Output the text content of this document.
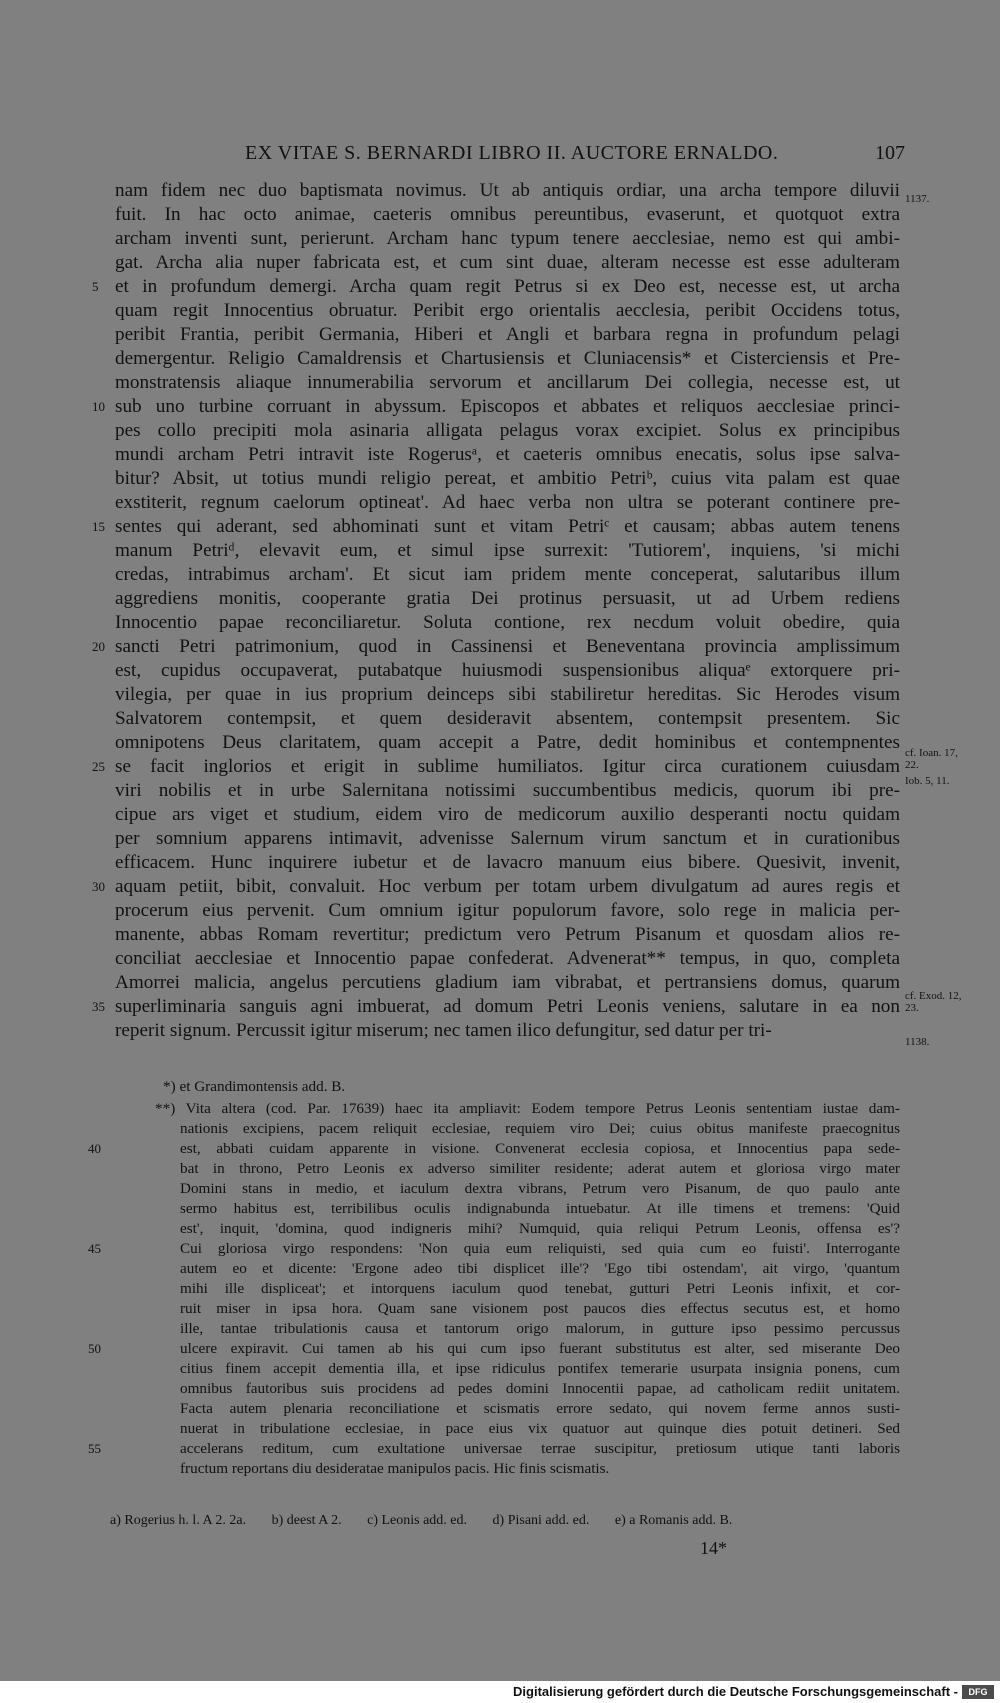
EX VITAE S. BERNARDI LIBRO II. AUCTORE ERNALDO.	107
nam fidem nec duo baptismata novimus. Ut ab antiquis ordiar, una archa tempore diluvii
fuit. In hac octo animae, caeteris omnibus pereuntibus, evaserunt, et quotquot extra
archam inventi sunt, perierunt. Archam hanc typum tenere aecclesiae, nemo est qui ambi-
gat. Archa alia nuper fabricata est, et cum sint duae, alteram necesse est esse adulteram
et in profundum demergi. Archa quam regit Petrus si ex Deo est, necesse est, ut archa
quam regit Innocentius obruatur. Peribit ergo orientalis aecclesia, peribit Occidens totus,
peribit Frantia, peribit Germania, Hiberi et Angli et barbara regna in profundum pelagi
demergentur. Religio Camaldrensis et Chartusiensis et Cluniacensis* et Cisterciensis et Pre-
monstratensis aliaque innumerabilia servorum et ancillarum Dei collegia, necesse est, ut
sub uno turbine corruant in abyssum. Episcopos et abbates et reliquos aecclesiae princi-
pes collo precipiti mola asinaria alligata pelagus vorax excipiet. Solus ex principibus
mundi archam Petri intravit iste Rogerusᵃ, et caeteris omnibus enecatis, solus ipse salva-
bitur? Absit, ut totius mundi religio pereat, et ambitio Petriᵇ, cuius vita palam est quae
exstiterit, regnum caelorum optineat'. Ad haec verba non ultra se poterant continere pre-
sentes qui aderant, sed abhominati sunt et vitam Petriᶜ et causam; abbas autem tenens
manum Petriᵈ, elevavit eum, et simul ipse surrexit: 'Tutiorem', inquiens, 'si michi
credas, intrabimus archam'. Et sicut iam pridem mente conceperat, salutaribus illum
aggrediens monitis, cooperante gratia Dei protinus persuasit, ut ad Urbem rediens
Innocentio papae reconciliaretur. Soluta contione, rex necdum voluit obedire, quia
sancti Petri patrimonium, quod in Cassinensi et Beneventana provincia amplissimum
est, cupidus occupaverat, putabatque huiusmodi suspensionibus aliquaᵉ extorquere pri-
vilegia, per quae in ius proprium deinceps sibi stabiliretur hereditas. Sic Herodes visum
Salvatorem contempsit, et quem desideravit absentem, contempsit presentem. Sic
omnipotens Deus claritatem, quam accepit a Patre, dedit hominibus et contempnentes
se facit inglorios et erigit in sublime humiliatos. Igitur circa curationem cuiusdam
viri nobilis et in urbe Salernitana notissimi succumbentibus medicis, quorum ibi pre-
cipue ars viget et studium, eidem viro de medicorum auxilio desperanti noctu quidam
per somnium apparens intimavit, advenisse Salernum virum sanctum et in curationibus
efficacem. Hunc inquirere iubetur et de lavacro manuum eius bibere. Quesivit, invenit,
aquam petiit, bibit, convaluit. Hoc verbum per totam urbem divulgatum ad aures regis et
procerum eius pervenit. Cum omnium igitur populorum favore, solo rege in malicia per-
manente, abbas Romam revertitur; predictum vero Petrum Pisanum et quosdam alios re-
conciliat aecclesiae et Innocentio papae confederat. Advenerat** tempus, in quo, completa
Amorrei malicia, angelus percutiens gladium iam vibrabat, et pertransiens domus, quarum
superliminaria sanguis agni imbuerat, ad domum Petri Leonis veniens, salutare in ea non
reperit signum. Percussit igitur miserum; nec tamen ilico defungitur, sed datur per tri-
5
10
15
20
25
30
35
1137.
cf. Ioan. 17, 22.
Iob. 5, 11.
cf. Exod. 12, 23.
1138.
*) et Grandimontensis add. B.
**) Vita altera (cod. Par. 17639) haec ita ampliavit: Eodem tempore Petrus Leonis sententiam iustae dam-
nationis excipiens, pacem reliquit ecclesiae, requiem viro Dei; cuius obitus manifeste praecognitus
est, abbati cuidam apparente in visione. Convenerat ecclesia copiosa, et Innocentius papa sede-
bat in throno, Petro Leonis ex adverso similiter residente; aderat autem et gloriosa virgo mater
Domini stans in medio, et iaculum dextra vibrans, Petrum vero Pisanum, de quo paulo ante
sermo habitus est, terribilibus oculis indignabunda intuebatur. At ille timens et tremens: 'Quid
est', inquit, 'domina, quod indigneris mihi? Numquid, quia reliqui Petrum Leonis, offensa es'?
Cui gloriosa virgo respondens: 'Non quia eum reliquisti, sed quia cum eo fuisti'. Interrogante
autem eo et dicente: 'Ergone adeo tibi displicet ille'? 'Ego tibi ostendam', ait virgo, 'quantum
mihi ille displiceat'; et intorquens iaculum quod tenebat, gutturi Petri Leonis infixit, et cor-
ruit miser in ipsa hora. Quam sane visionem post paucos dies effectus secutus est, et homo
ille, tantae tribulationis causa et tantorum origo malorum, in gutture ipso pessimo percussus
ulcere expiravit. Cui tamen ab his qui cum ipso fuerant substitutus est alter, sed miserante Deo
citius finem accepit dementia illa, et ipse ridiculus pontifex temerarie usurpata insignia ponens, cum
omnibus fautoribus suis procidens ad pedes domini Innocentii papae, ad catholicam rediit unitatem.
Facta autem plenaria reconciliatione et scismatis errore sedato, qui novem ferme annos susti-
nuerat in tribulatione ecclesiae, in pace eius vix quatuor aut quinque dies potuit detineri. Sed
accelerans reditum, cum exultatione universae terrae suscipitur, pretiosum utique tanti laboris
fructum reportans diu desideratae manipulos pacis. Hic finis scismatis.
40
45
50
55
a) Rogerius h. l. A 2. 2a. b) deest A 2. c) Leonis add. ed. d) Pisani add. ed. e) a Romanis add. B.
14*
Digitalisierung gefördert durch die Deutsche Forschungsgemeinschaft -	DFG
